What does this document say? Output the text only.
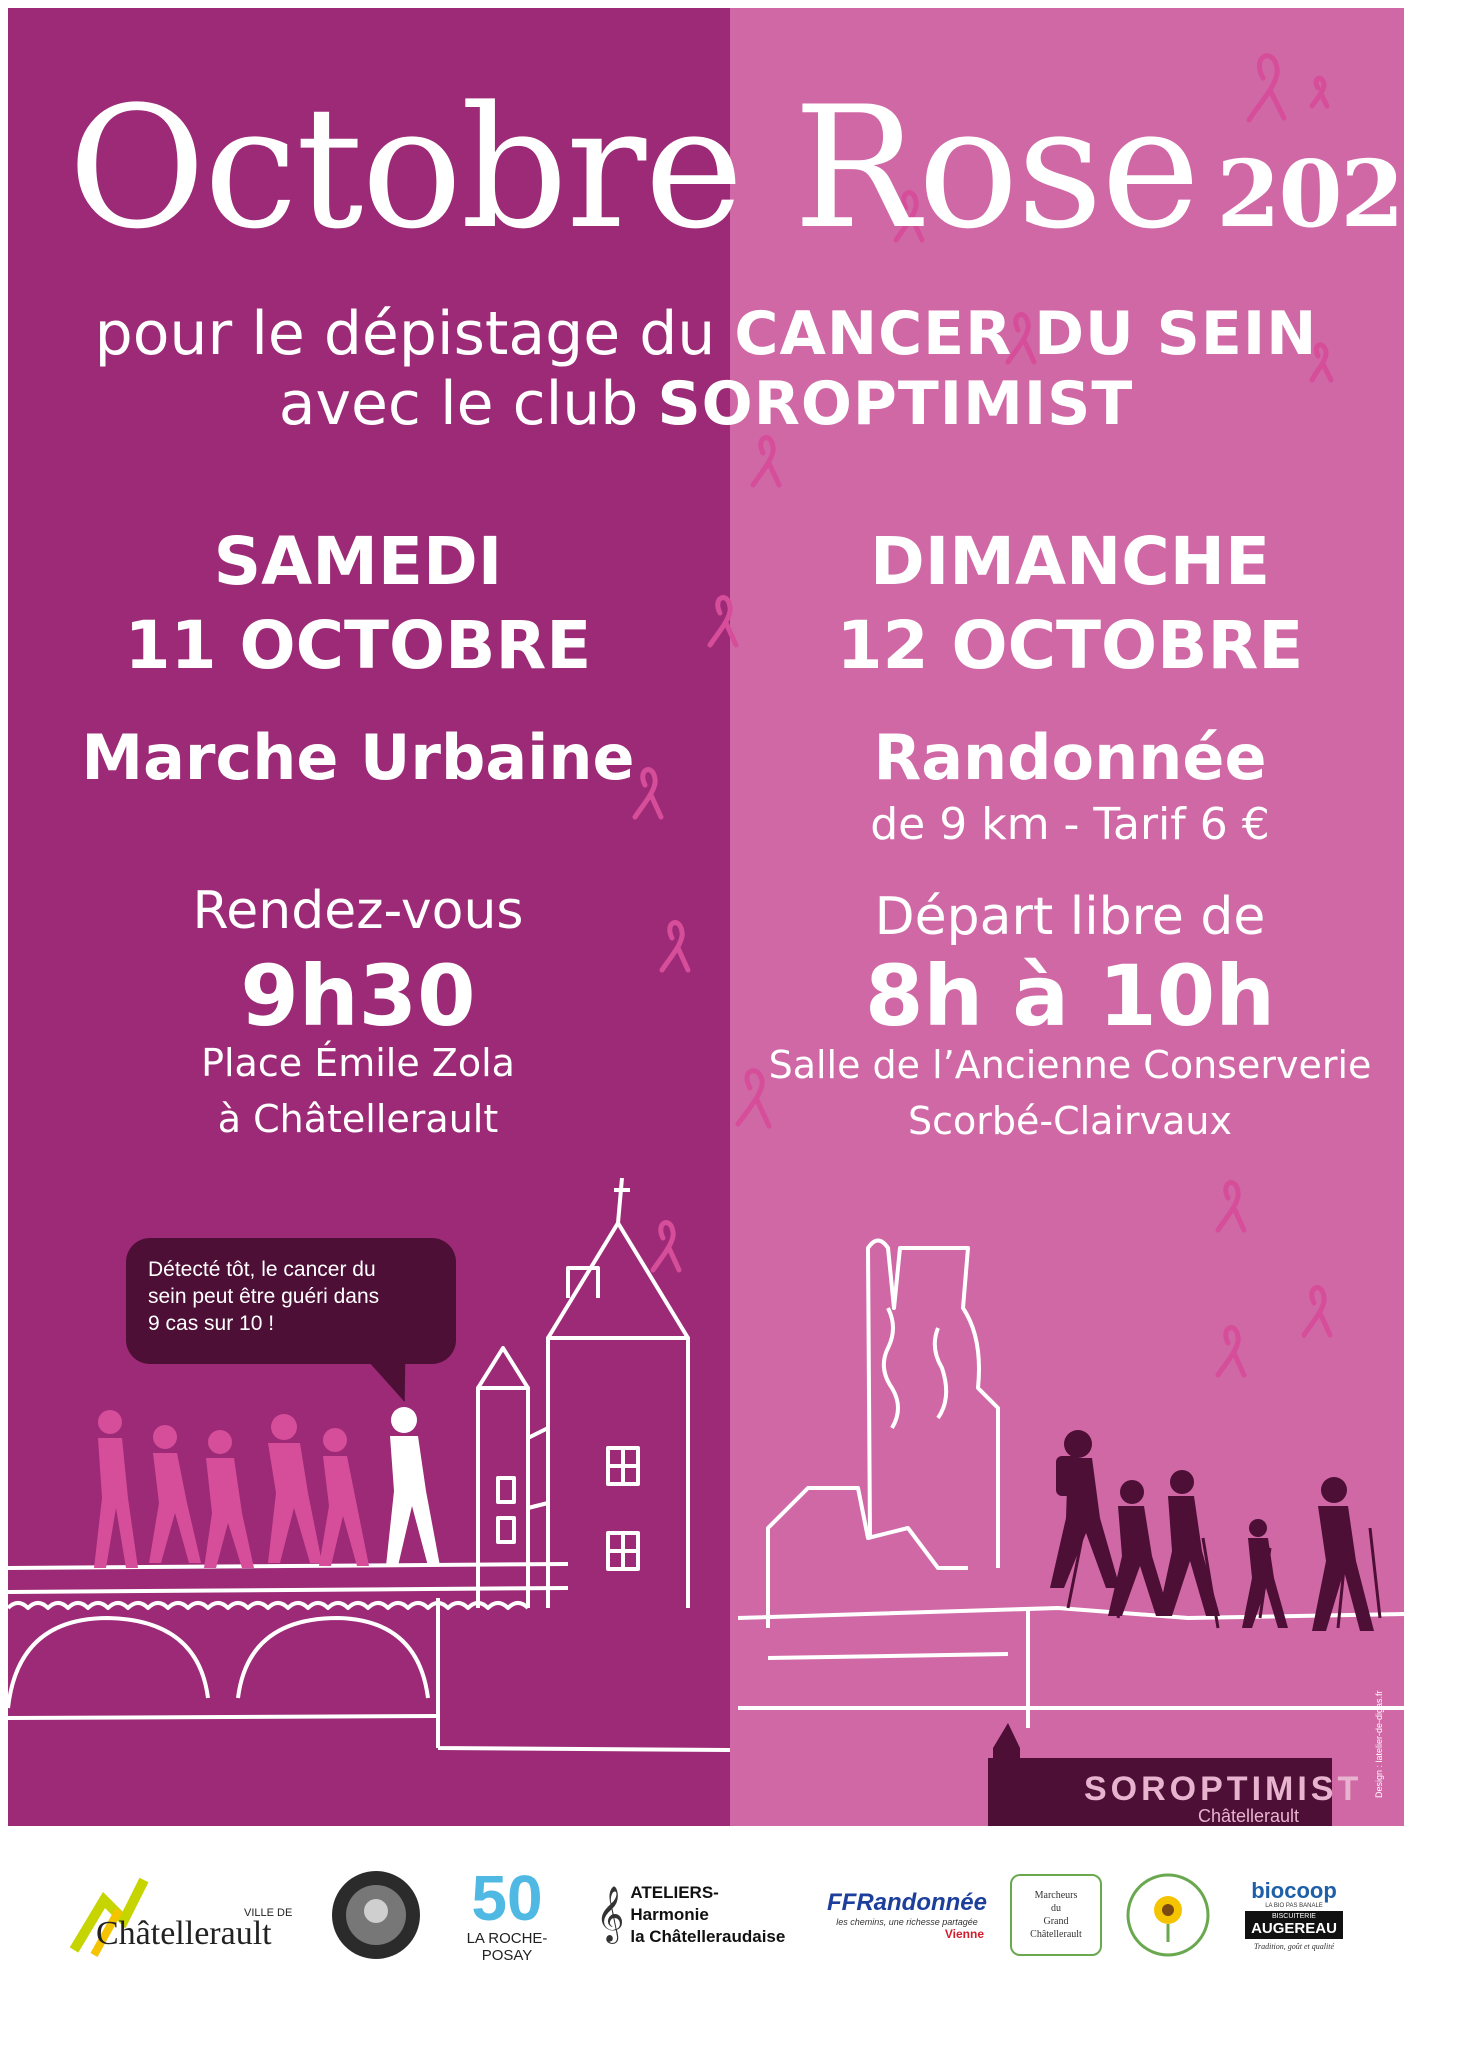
Octobre Rose 2025
pour le dépistage du CANCER DU SEIN
avec le club SOROPTIMIST
SAMEDI
11 OCTOBRE
Marche Urbaine
Rendez-vous
9h30
Place Émile Zola
à Châtellerault
DIMANCHE
12 OCTOBRE
Randonnée
de 9 km - Tarif 6 €
Départ libre de
8h à 10h
Salle de l’Ancienne Conserverie
Scorbé-Clairvaux
Détecté tôt, le cancer du
sein peut être guéri dans
9 cas sur 10 !
SOROPTIMIST
Châtellerault
Design : latelier-de-digas.fr
VILLE DE
Châtellerault	50
LA ROCHE-POSAY
𝄞 ATELIERS-Harmonie
la Châtelleraudaise
FFRandonnée
les chemins, une richesse partagée
Vienne
Marcheurs
du
Grand
Châtellerault
biocoop
LA BIO PAS BANALE
BISCUITERIE
AUGEREAU
Tradition, goût et qualité
